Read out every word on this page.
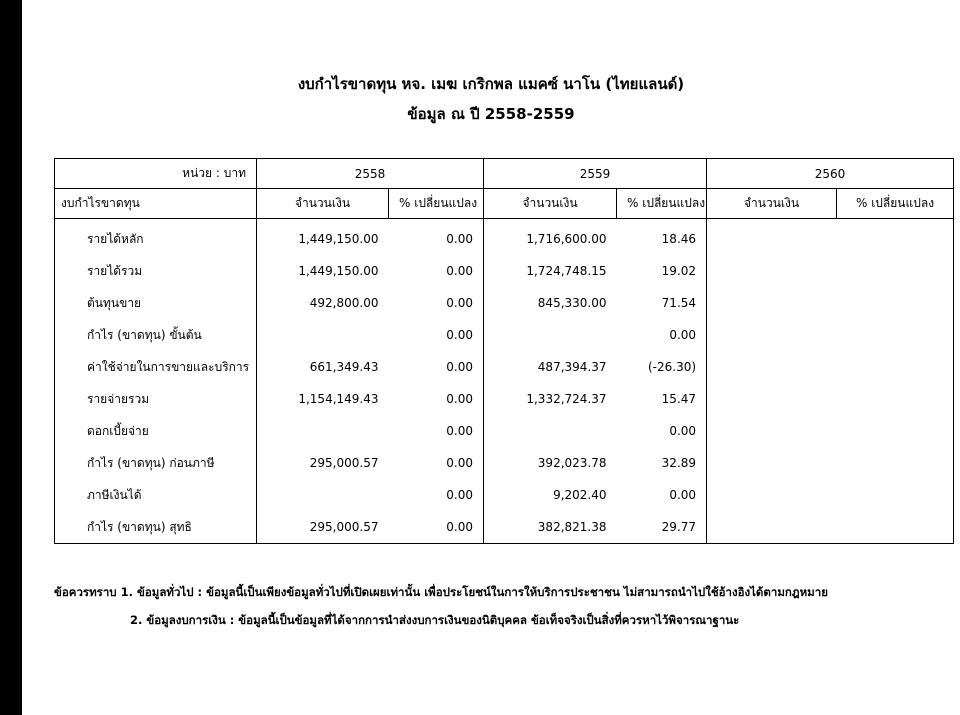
งบกำไรขาดทุน หจ. เมฆ เกริกพล แมคซ์ นาโน (ไทยแลนด์)
ข้อมูล ณ ปี 2558-2559
หน่วย : บาท	2558		2559		2560	
งบกำไรขาดทุน	จำนวนเงิน	% เปลี่ยนแปลง	จำนวนเงิน	% เปลี่ยนแปลง	จำนวนเงิน	% เปลี่ยนแปลง
รายได้หลัก	1,449,150.00	0.00	1,716,600.00	18.46		
รายได้รวม	1,449,150.00	0.00	1,724,748.15	19.02		
ต้นทุนขาย	492,800.00	0.00	845,330.00	71.54		
กำไร (ขาดทุน) ขั้นต้น		0.00		0.00		
ค่าใช้จ่ายในการขายและบริการ	661,349.43	0.00	487,394.37	(-26.30)		
รายจ่ายรวม	1,154,149.43	0.00	1,332,724.37	15.47		
ดอกเบี้ยจ่าย		0.00		0.00		
กำไร (ขาดทุน) ก่อนภาษี	295,000.57	0.00	392,023.78	32.89		
ภาษีเงินได้		0.00	9,202.40	0.00		
กำไร (ขาดทุน) สุทธิ	295,000.57	0.00	382,821.38	29.77		
ข้อควรทราบ 1. ข้อมูลทั่วไป : ข้อมูลนี้เป็นเพียงข้อมูลทั่วไปที่เปิดเผยเท่านั้น เพื่อประโยชน์ในการให้บริการประชาชน ไม่สามารถนำไปใช้อ้างอิงได้ตามกฎหมาย
2. ข้อมูลงบการเงิน : ข้อมูลนี้เป็นข้อมูลที่ได้จากการนำส่งงบการเงินของนิติบุคคล ข้อเท็จจริงเป็นสิ่งที่ควรหาไว้พิจารณาฐานะ
